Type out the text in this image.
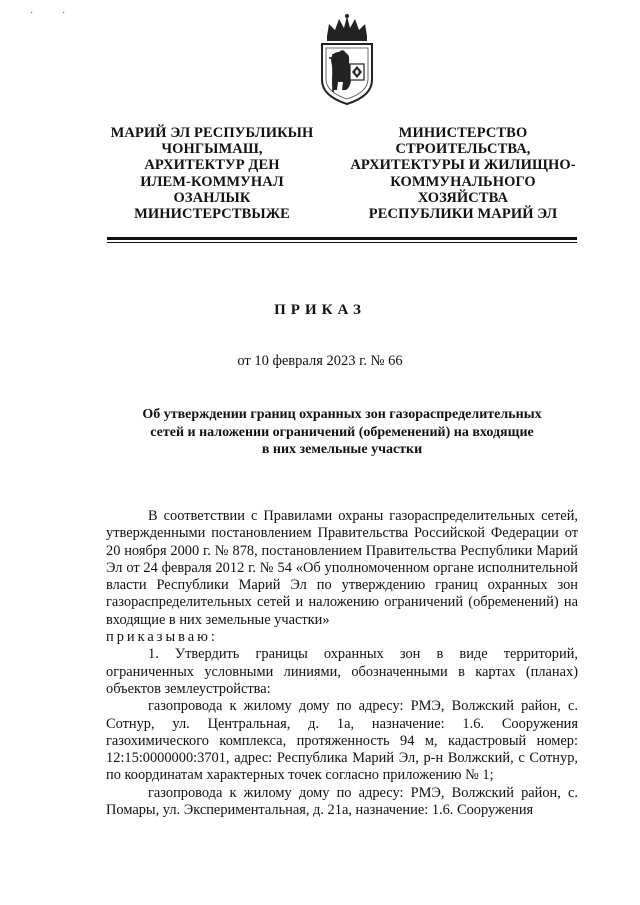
·	·
МАРИЙ ЭЛ РЕСПУБЛИКЫН
ЧОНГЫМАШ,
АРХИТЕКТУР ДЕН
ИЛЕМ-КОММУНАЛ
ОЗАНЛЫК
МИНИСТЕРСТВЫЖЕ
МИНИСТЕРСТВО
СТРОИТЕЛЬСТВА,
АРХИТЕКТУРЫ И ЖИЛИЩНО-
КОММУНАЛЬНОГО
ХОЗЯЙСТВА
РЕСПУБЛИКИ МАРИЙ ЭЛ
ПРИКАЗ
от 10 февраля 2023 г. № 66
Об утверждении границ охранных зон газораспределительных
сетей и наложении ограничений (обременений) на входящие
в них земельные участки

В соответствии с Правилами охраны газораспределительных сетей, утвержденными постановлением Правительства Российской Федерации от 20 ноября 2000 г. № 878, постановлением Правительства Республики Марий Эл от 24 февраля 2012 г. № 54 «Об уполномоченном органе исполнительной власти Республики Марий Эл по утверждению границ охранных зон газораспределительных сетей и наложению ограничений (обременений) на входящие в них земельные участки»

приказываю:

1. Утвердить границы охранных зон в виде территорий, ограниченных условными линиями, обозначенными в картах (планах) объектов землеустройства:

газопровода к жилому дому по адресу: РМЭ, Волжский район, с. Сотнур, ул. Центральная, д. 1а, назначение: 1.6. Сооружения газохимического комплекса, протяженность 94 м, кадастровый номер: 12:15:0000000:3701, адрес: Республика Марий Эл, р-н Волжский, с Сотнур, по координатам характерных точек согласно приложению № 1;

газопровода к жилому дому по адресу: РМЭ, Волжский район, с. Помары, ул. Экспериментальная, д. 21а, назначение: 1.6. Сооружения
